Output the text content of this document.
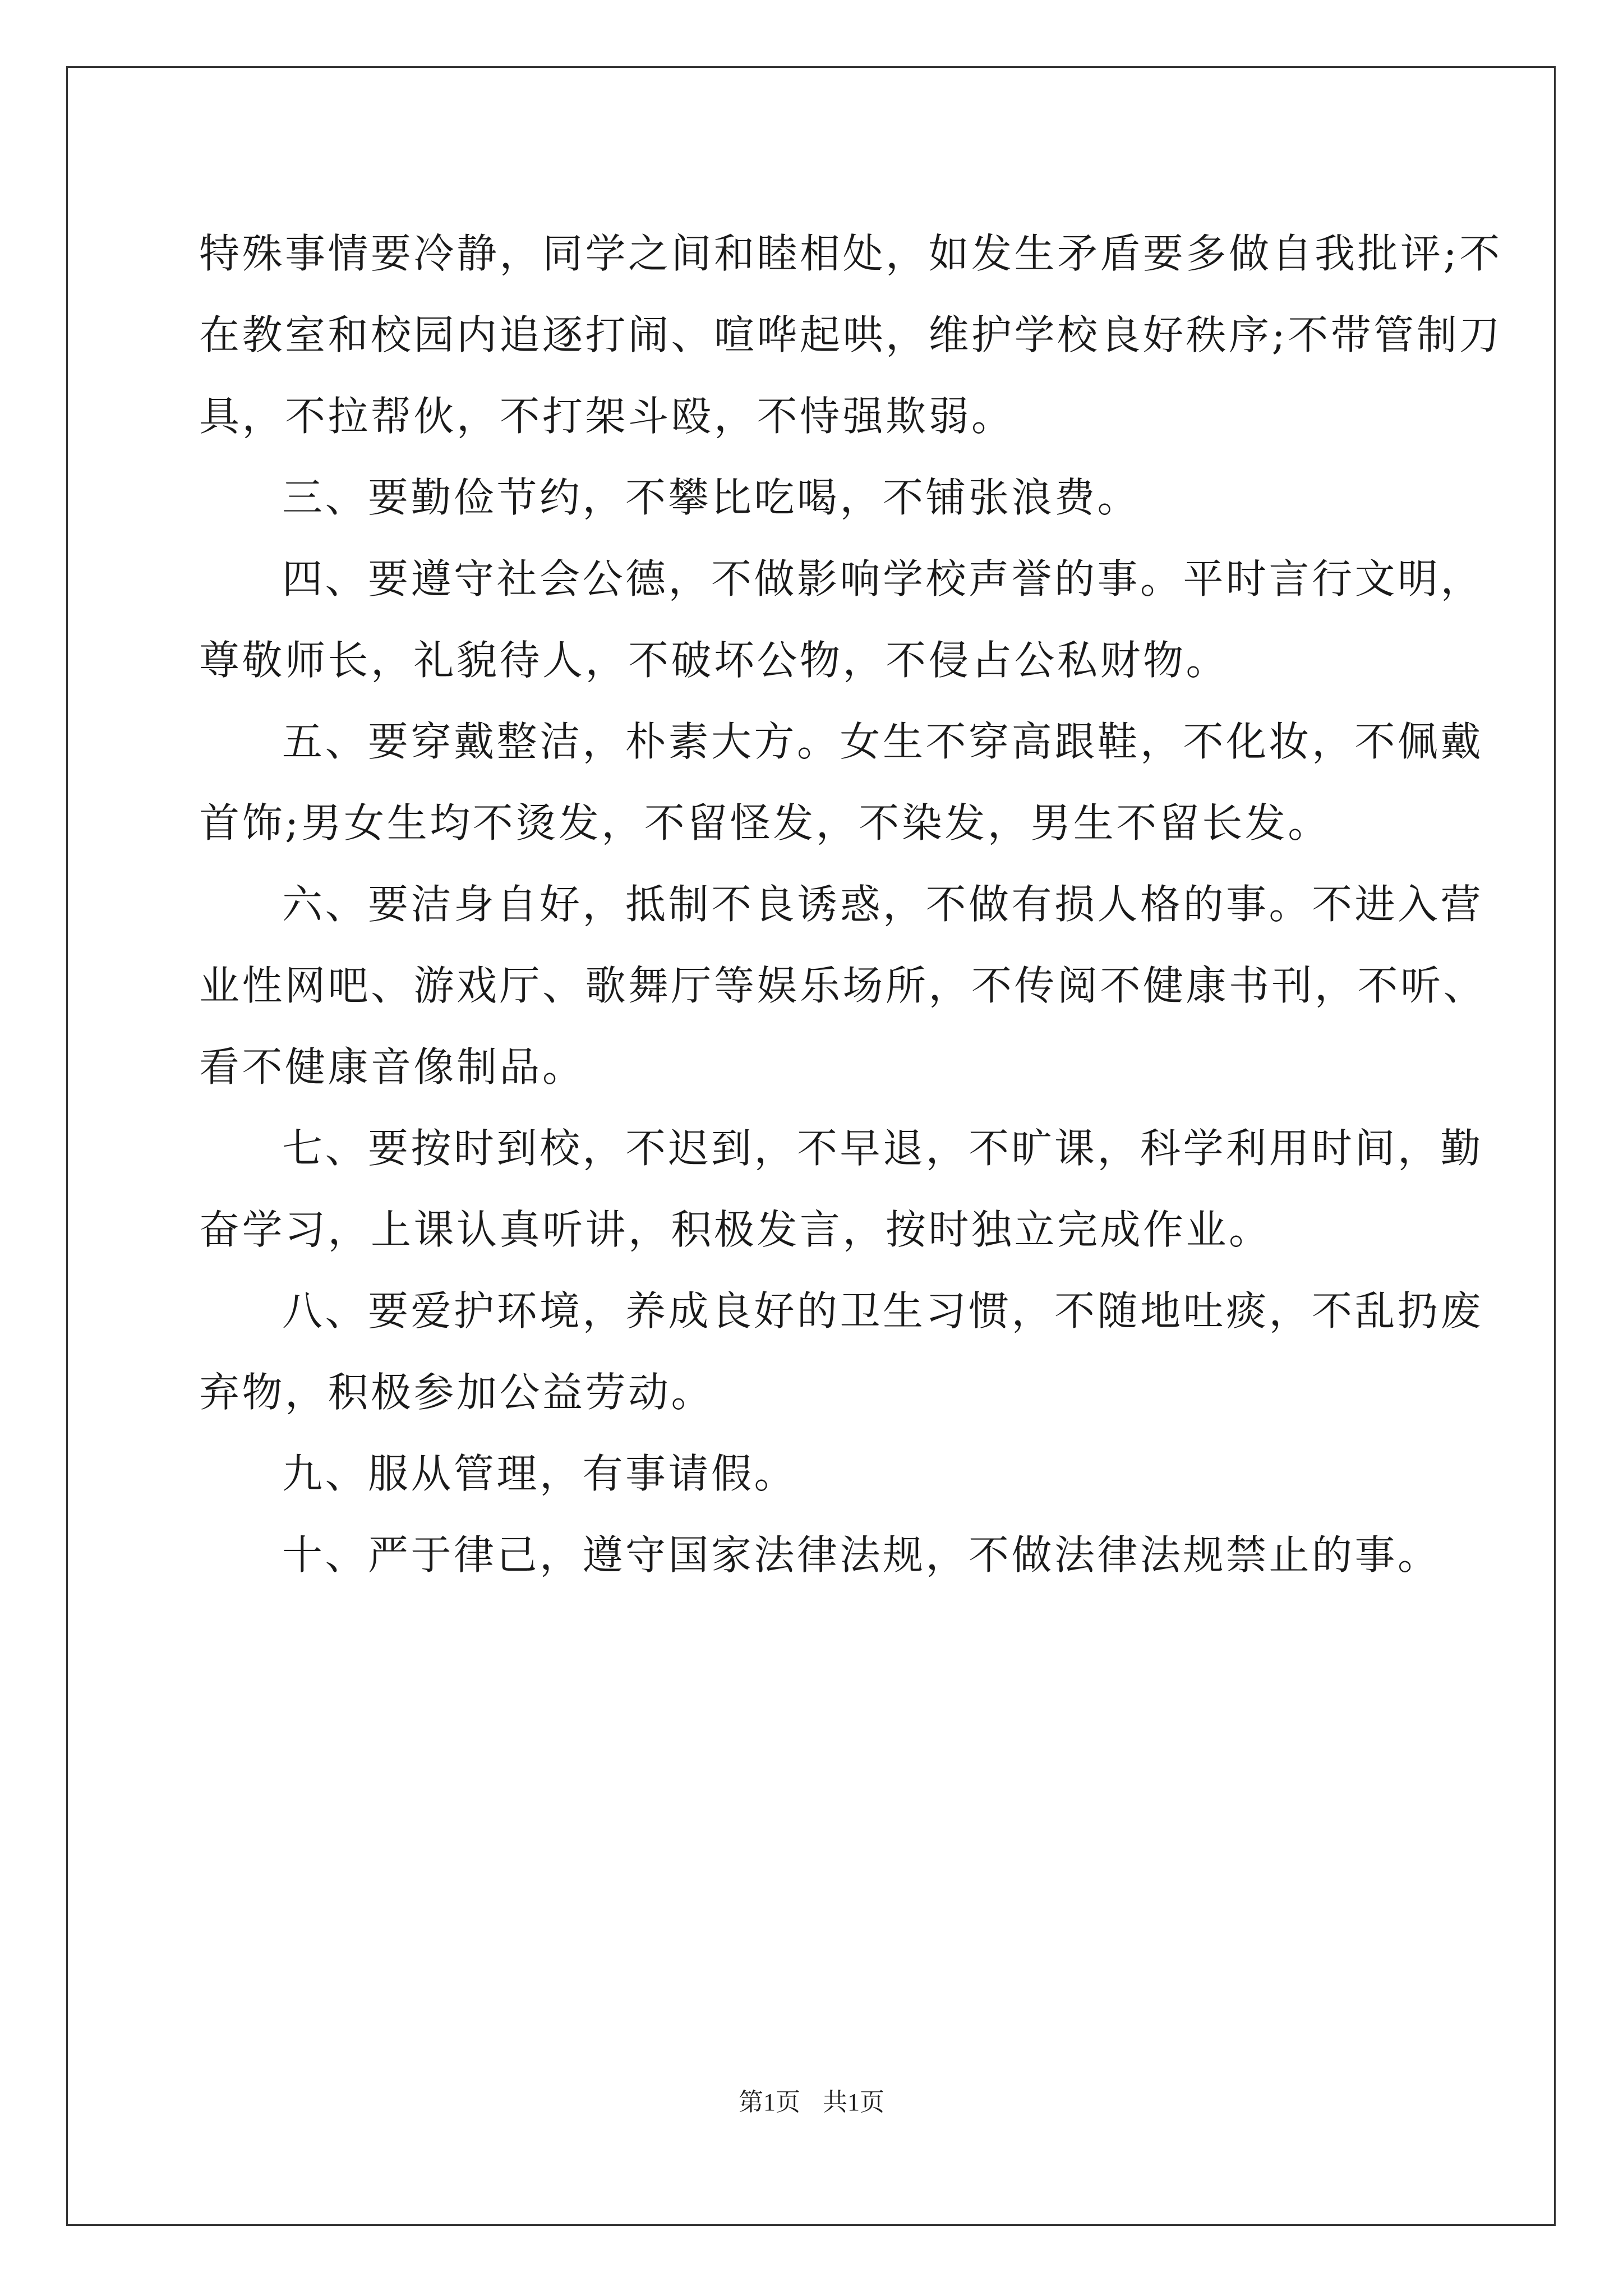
特殊事情要冷静，同学之间和睦相处，如发生矛盾要多做自我批评;不
在教室和校园内追逐打闹、喧哗起哄，维护学校良好秩序;不带管制刀
具，不拉帮伙，不打架斗殴，不恃强欺弱。
三、要勤俭节约，不攀比吃喝，不铺张浪费。
四、要遵守社会公德，不做影响学校声誉的事。平时言行文明，
尊敬师长，礼貌待人，不破坏公物，不侵占公私财物。
五、要穿戴整洁，朴素大方。女生不穿高跟鞋，不化妆，不佩戴
首饰;男女生均不烫发，不留怪发，不染发，男生不留长发。
六、要洁身自好，抵制不良诱惑，不做有损人格的事。不进入营
业性网吧、游戏厅、歌舞厅等娱乐场所，不传阅不健康书刊，不听、
看不健康音像制品。
七、要按时到校，不迟到，不早退，不旷课，科学利用时间，勤
奋学习，上课认真听讲，积极发言，按时独立完成作业。
八、要爱护环境，养成良好的卫生习惯，不随地吐痰，不乱扔废
弃物，积极参加公益劳动。
九、服从管理，有事请假。
十、严于律己，遵守国家法律法规，不做法律法规禁止的事。
第1页 共1页
